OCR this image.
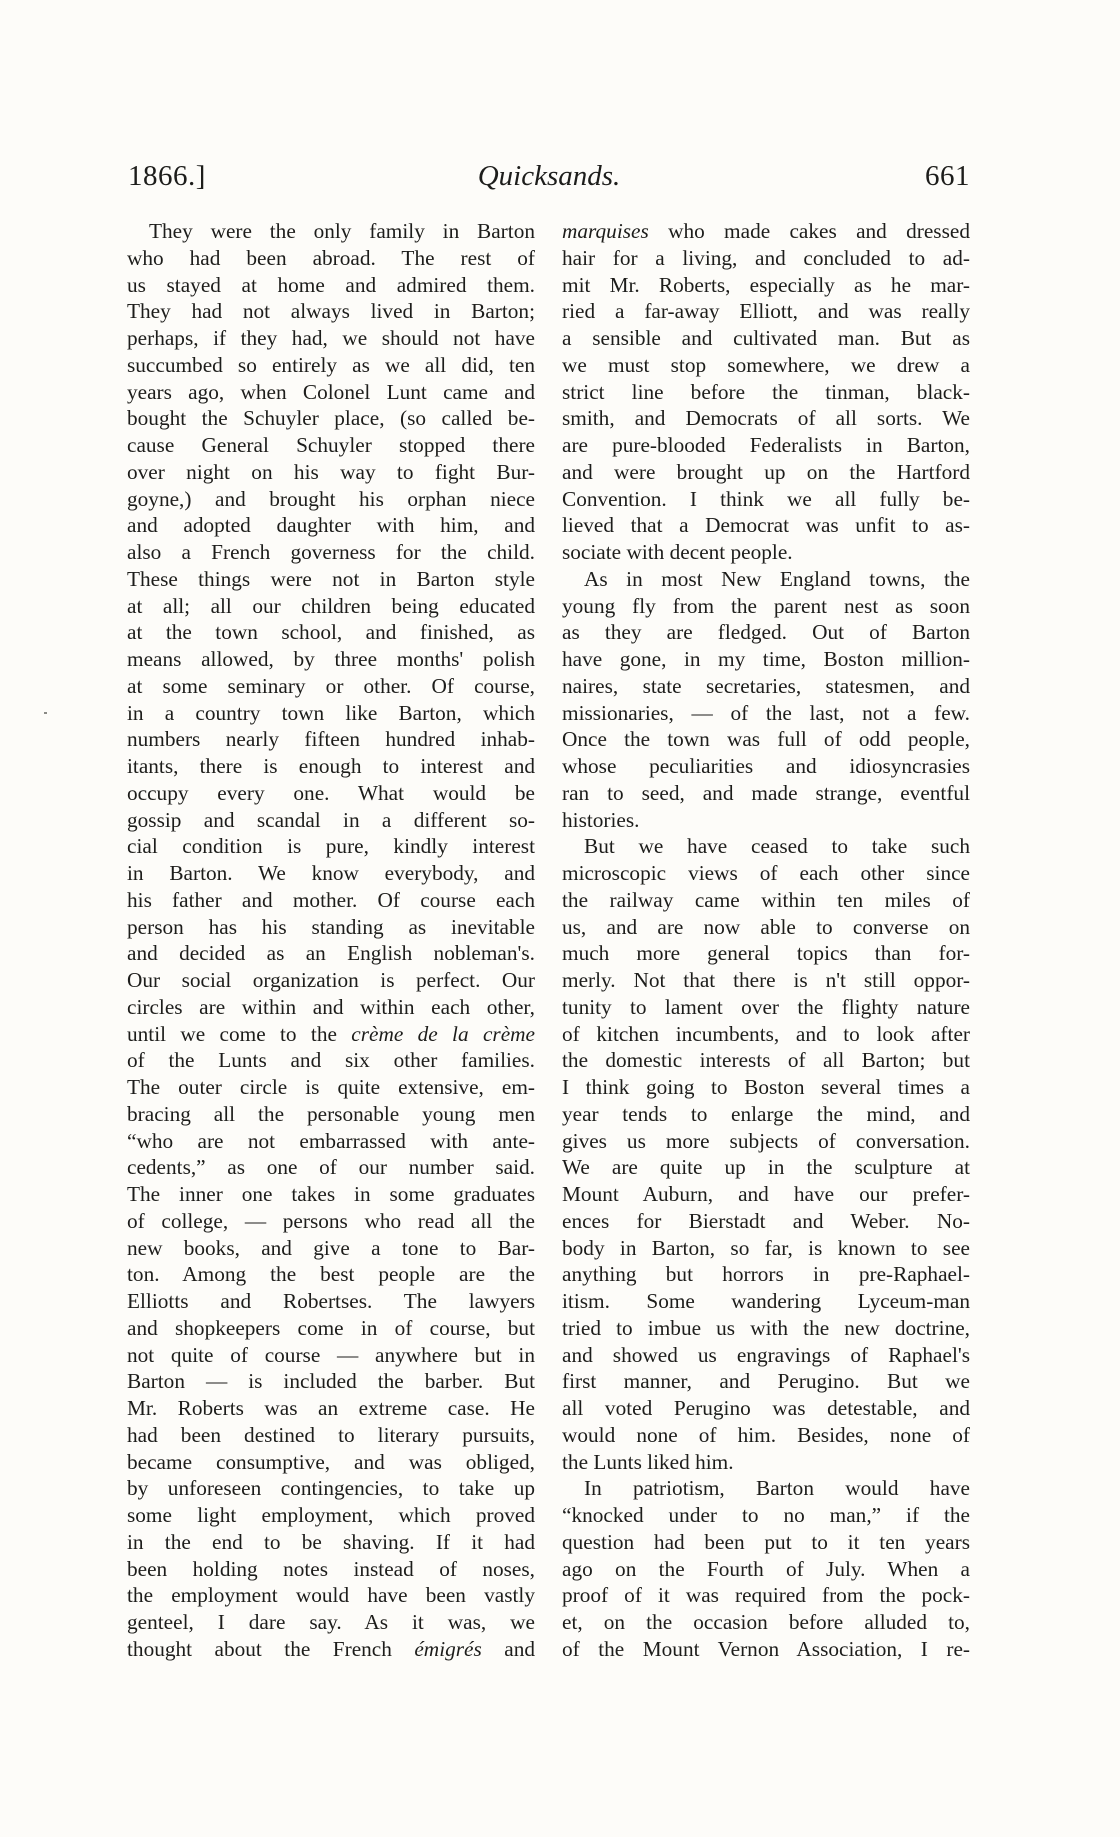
1866.]	Quicksands.	661
They were the only family in Barton
who had been abroad. The rest of
us stayed at home and admired them.
They had not always lived in Barton;
perhaps, if they had, we should not have
succumbed so entirely as we all did, ten
years ago, when Colonel Lunt came and
bought the Schuyler place, (so called be-
cause General Schuyler stopped there
over night on his way to fight Bur-
goyne,) and brought his orphan niece
and adopted daughter with him, and
also a French governess for the child.
These things were not in Barton style
at all; all our children being educated
at the town school, and finished, as
means allowed, by three months' polish
at some seminary or other. Of course,
in a country town like Barton, which
numbers nearly fifteen hundred inhab-
itants, there is enough to interest and
occupy every one. What would be
gossip and scandal in a different so-
cial condition is pure, kindly interest
in Barton. We know everybody, and
his father and mother. Of course each
person has his standing as inevitable
and decided as an English nobleman's.
Our social organization is perfect. Our
circles are within and within each other,
until we come to the crème de la crème
of the Lunts and six other families.
The outer circle is quite extensive, em-
bracing all the personable young men
“who are not embarrassed with ante-
cedents,” as one of our number said.
The inner one takes in some graduates
of college, — persons who read all the
new books, and give a tone to Bar-
ton. Among the best people are the
Elliotts and Robertses. The lawyers
and shopkeepers come in of course, but
not quite of course — anywhere but in
Barton — is included the barber. But
Mr. Roberts was an extreme case. He
had been destined to literary pursuits,
became consumptive, and was obliged,
by unforeseen contingencies, to take up
some light employment, which proved
in the end to be shaving. If it had
been holding notes instead of noses,
the employment would have been vastly
genteel, I dare say. As it was, we
thought about the French émigrés and
marquises who made cakes and dressed
hair for a living, and concluded to ad-
mit Mr. Roberts, especially as he mar-
ried a far-away Elliott, and was really
a sensible and cultivated man. But as
we must stop somewhere, we drew a
strict line before the tinman, black-
smith, and Democrats of all sorts. We
are pure-blooded Federalists in Barton,
and were brought up on the Hartford
Convention. I think we all fully be-
lieved that a Democrat was unfit to as-
sociate with decent people.
As in most New England towns, the
young fly from the parent nest as soon
as they are fledged. Out of Barton
have gone, in my time, Boston million-
naires, state secretaries, statesmen, and
missionaries, — of the last, not a few.
Once the town was full of odd people,
whose peculiarities and idiosyncrasies
ran to seed, and made strange, eventful
histories.
But we have ceased to take such
microscopic views of each other since
the railway came within ten miles of
us, and are now able to converse on
much more general topics than for-
merly. Not that there is n't still oppor-
tunity to lament over the flighty nature
of kitchen incumbents, and to look after
the domestic interests of all Barton; but
I think going to Boston several times a
year tends to enlarge the mind, and
gives us more subjects of conversation.
We are quite up in the sculpture at
Mount Auburn, and have our prefer-
ences for Bierstadt and Weber. No-
body in Barton, so far, is known to see
anything but horrors in pre-Raphael-
itism. Some wandering Lyceum-man
tried to imbue us with the new doctrine,
and showed us engravings of Raphael's
first manner, and Perugino. But we
all voted Perugino was detestable, and
would none of him. Besides, none of
the Lunts liked him.
In patriotism, Barton would have
“knocked under to no man,” if the
question had been put to it ten years
ago on the Fourth of July. When a
proof of it was required from the pock-
et, on the occasion before alluded to,
of the Mount Vernon Association, I re-
